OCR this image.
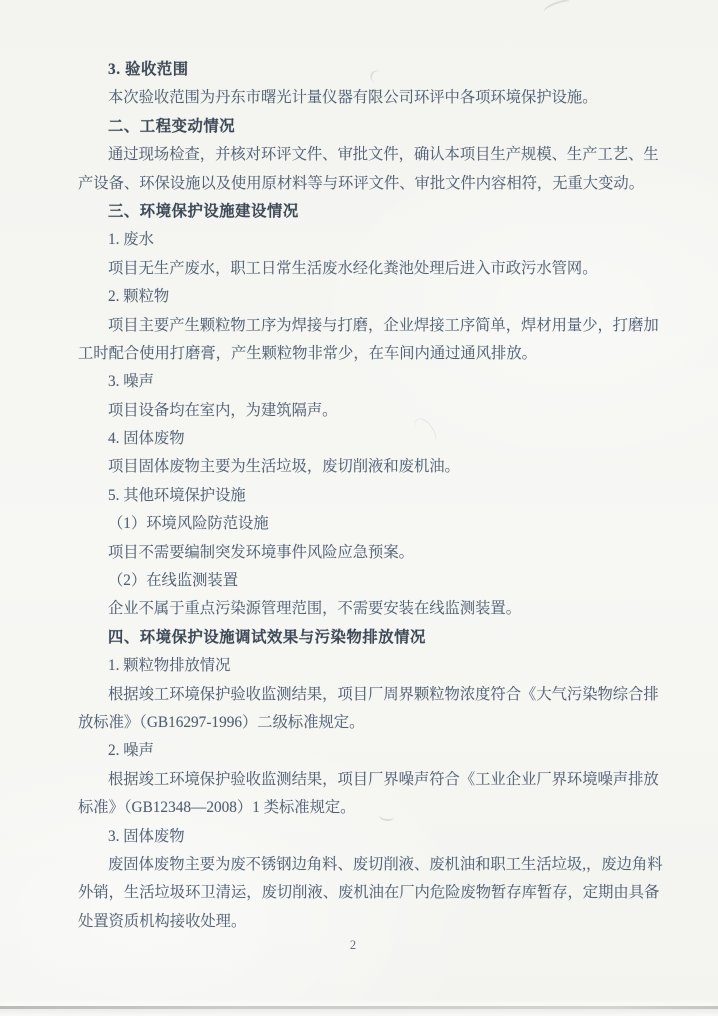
3. 验收范围
本次验收范围为丹东市曙光计量仪器有限公司环评中各项环境保护设施。
二、工程变动情况
通过现场检查，并核对环评文件、审批文件，确认本项目生产规模、生产工艺、生
产设备、环保设施以及使用原材料等与环评文件、审批文件内容相符，无重大变动。
三、环境保护设施建设情况
1. 废水
项目无生产废水，职工日常生活废水经化粪池处理后进入市政污水管网。
2. 颗粒物
项目主要产生颗粒物工序为焊接与打磨，企业焊接工序简单，焊材用量少，打磨加
工时配合使用打磨膏，产生颗粒物非常少，在车间内通过通风排放。
3. 噪声
项目设备均在室内，为建筑隔声。
4. 固体废物
项目固体废物主要为生活垃圾，废切削液和废机油。
5. 其他环境保护设施
（1）环境风险防范设施
项目不需要编制突发环境事件风险应急预案。
（2）在线监测装置
企业不属于重点污染源管理范围，不需要安装在线监测装置。
四、环境保护设施调试效果与污染物排放情况
1. 颗粒物排放情况
根据竣工环境保护验收监测结果，项目厂周界颗粒物浓度符合《大气污染物综合排
放标准》（GB16297-1996）二级标准规定。
2. 噪声
根据竣工环境保护验收监测结果，项目厂界噪声符合《工业企业厂界环境噪声排放
标准》（GB12348—2008）1 类标准规定。
3. 固体废物
废固体废物主要为废不锈钢边角料、废切削液、废机油和职工生活垃圾,，废边角料
外销，生活垃圾环卫清运，废切削液、废机油在厂内危险废物暂存库暂存，定期由具备
处置资质机构接收处理。
2
